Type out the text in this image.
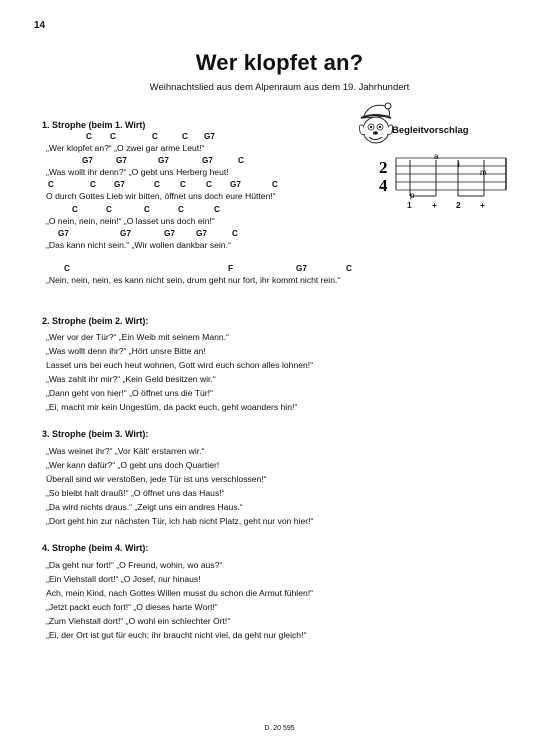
14
Wer klopfet an?
Weihnachtslied aus dem Alpenraum aus dem 19. Jahrhundert
Begleitvorschlag
2
4
a
i
m
p
1 + 2 +
1. Strophe (beim 1. Wirt)
C C	C	C G7
„Wer klopfet an?“ „O zwei gar arme Leut!“
G7	G7	G7	G7	C
„Was wollt ihr denn?“ „O gebt uns Herberg heut!
C	C G7	C C C G7	C
O durch Gottes Lieb wir bitten, öffnet uns doch eure Hütten!“
C	C	C	C	C
„O nein, nein, nein!“ „O lasset uns doch ein!“
G7	G7	G7	G7	C
„Das kann nicht sein.“ „Wir wollen dankbar sein.“
C	F	G7	C
„Nein, nein, nein, es kann nicht sein, drum geht nur fort, ihr kommt nicht rein.“
2. Strophe (beim 2. Wirt):
„Wer vor der Tür?“ „Ein Weib mit seinem Mann.“
„Was wollt denn ihr?“ „Hört unsre Bitte an!
Lasset uns bei euch heut wohnen, Gott wird euch schon alles lohnen!“
„Was zahlt ihr mir?“ „Kein Geld besitzen wir.“
„Dann geht von hier!“ „O öffnet uns die Tür!“
„Ei, macht mir kein Ungestüm, da packt euch, geht woanders hin!“
3. Strophe (beim 3. Wirt):
„Was weinet ihr?“ „Vor Kält' erstarren wir.“
„Wer kann dafür?“ „O gebt uns doch Quartier!
Überall sind wir verstoßen, jede Tür ist uns verschlossen!“
„So bleibt halt drauß!“ „O öffnet uns das Haus!“
„Da wird nichts draus.“ „Zeigt uns ein andres Haus.“
„Dort geht hin zur nächsten Tür, ich hab nicht Platz, geht nur von hier!“
4. Strophe (beim 4. Wirt):
„Da geht nur fort!“ „O Freund, wohin, wo aus?“
„Ein Viehstall dort!“ „O Josef, nur hinaus!
Ach, mein Kind, nach Gottes Willen musst du schon die Armut fühlen!“
„Jetzt packt euch fort!“ „O dieses harte Wort!“
„Zum Viehstall dort!“ „O wohl ein schlechter Ort!“
„Ei, der Ort ist gut für euch; ihr braucht nicht viel, da geht nur gleich!“
D. 20 595
